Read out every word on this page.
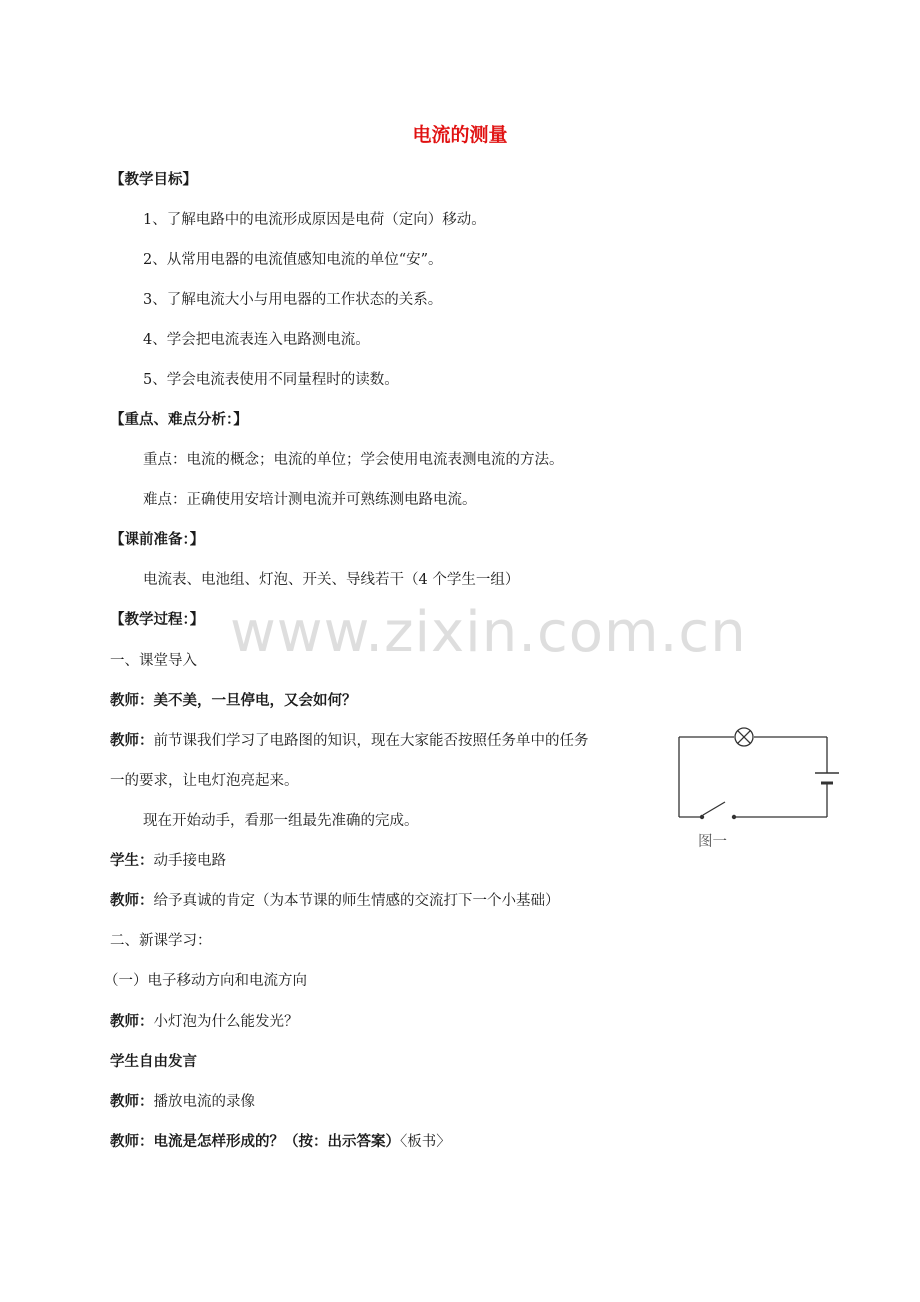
www.zixin.com.cn
电流的测量
【教学目标】
1、了解电路中的电流形成原因是电荷（定向）移动。
2、从常用电器的电流值感知电流的单位“安”。
3、了解电流大小与用电器的工作状态的关系。
4、学会把电流表连入电路测电流。
5、学会电流表使用不同量程时的读数。
【重点、难点分析：】
重点：电流的概念；电流的单位；学会使用电流表测电流的方法。
难点：正确使用安培计测电流并可熟练测电路电流。
【课前准备：】
电流表、电池组、灯泡、开关、导线若干（4 个学生一组）
【教学过程：】
一、课堂导入
教师：美不美，一旦停电，又会如何？
教师：前节课我们学习了电路图的知识，现在大家能否按照任务单中的任务
一的要求，让电灯泡亮起来。
现在开始动手，看那一组最先准确的完成。
学生：动手接电路
教师：给予真诚的肯定（为本节课的师生情感的交流打下一个小基础）
二、新课学习：
（一）电子移动方向和电流方向
教师：小灯泡为什么能发光？
学生自由发言
教师：播放电流的录像
教师：电流是怎样形成的？（按：出示答案）〈板书〉
图一
